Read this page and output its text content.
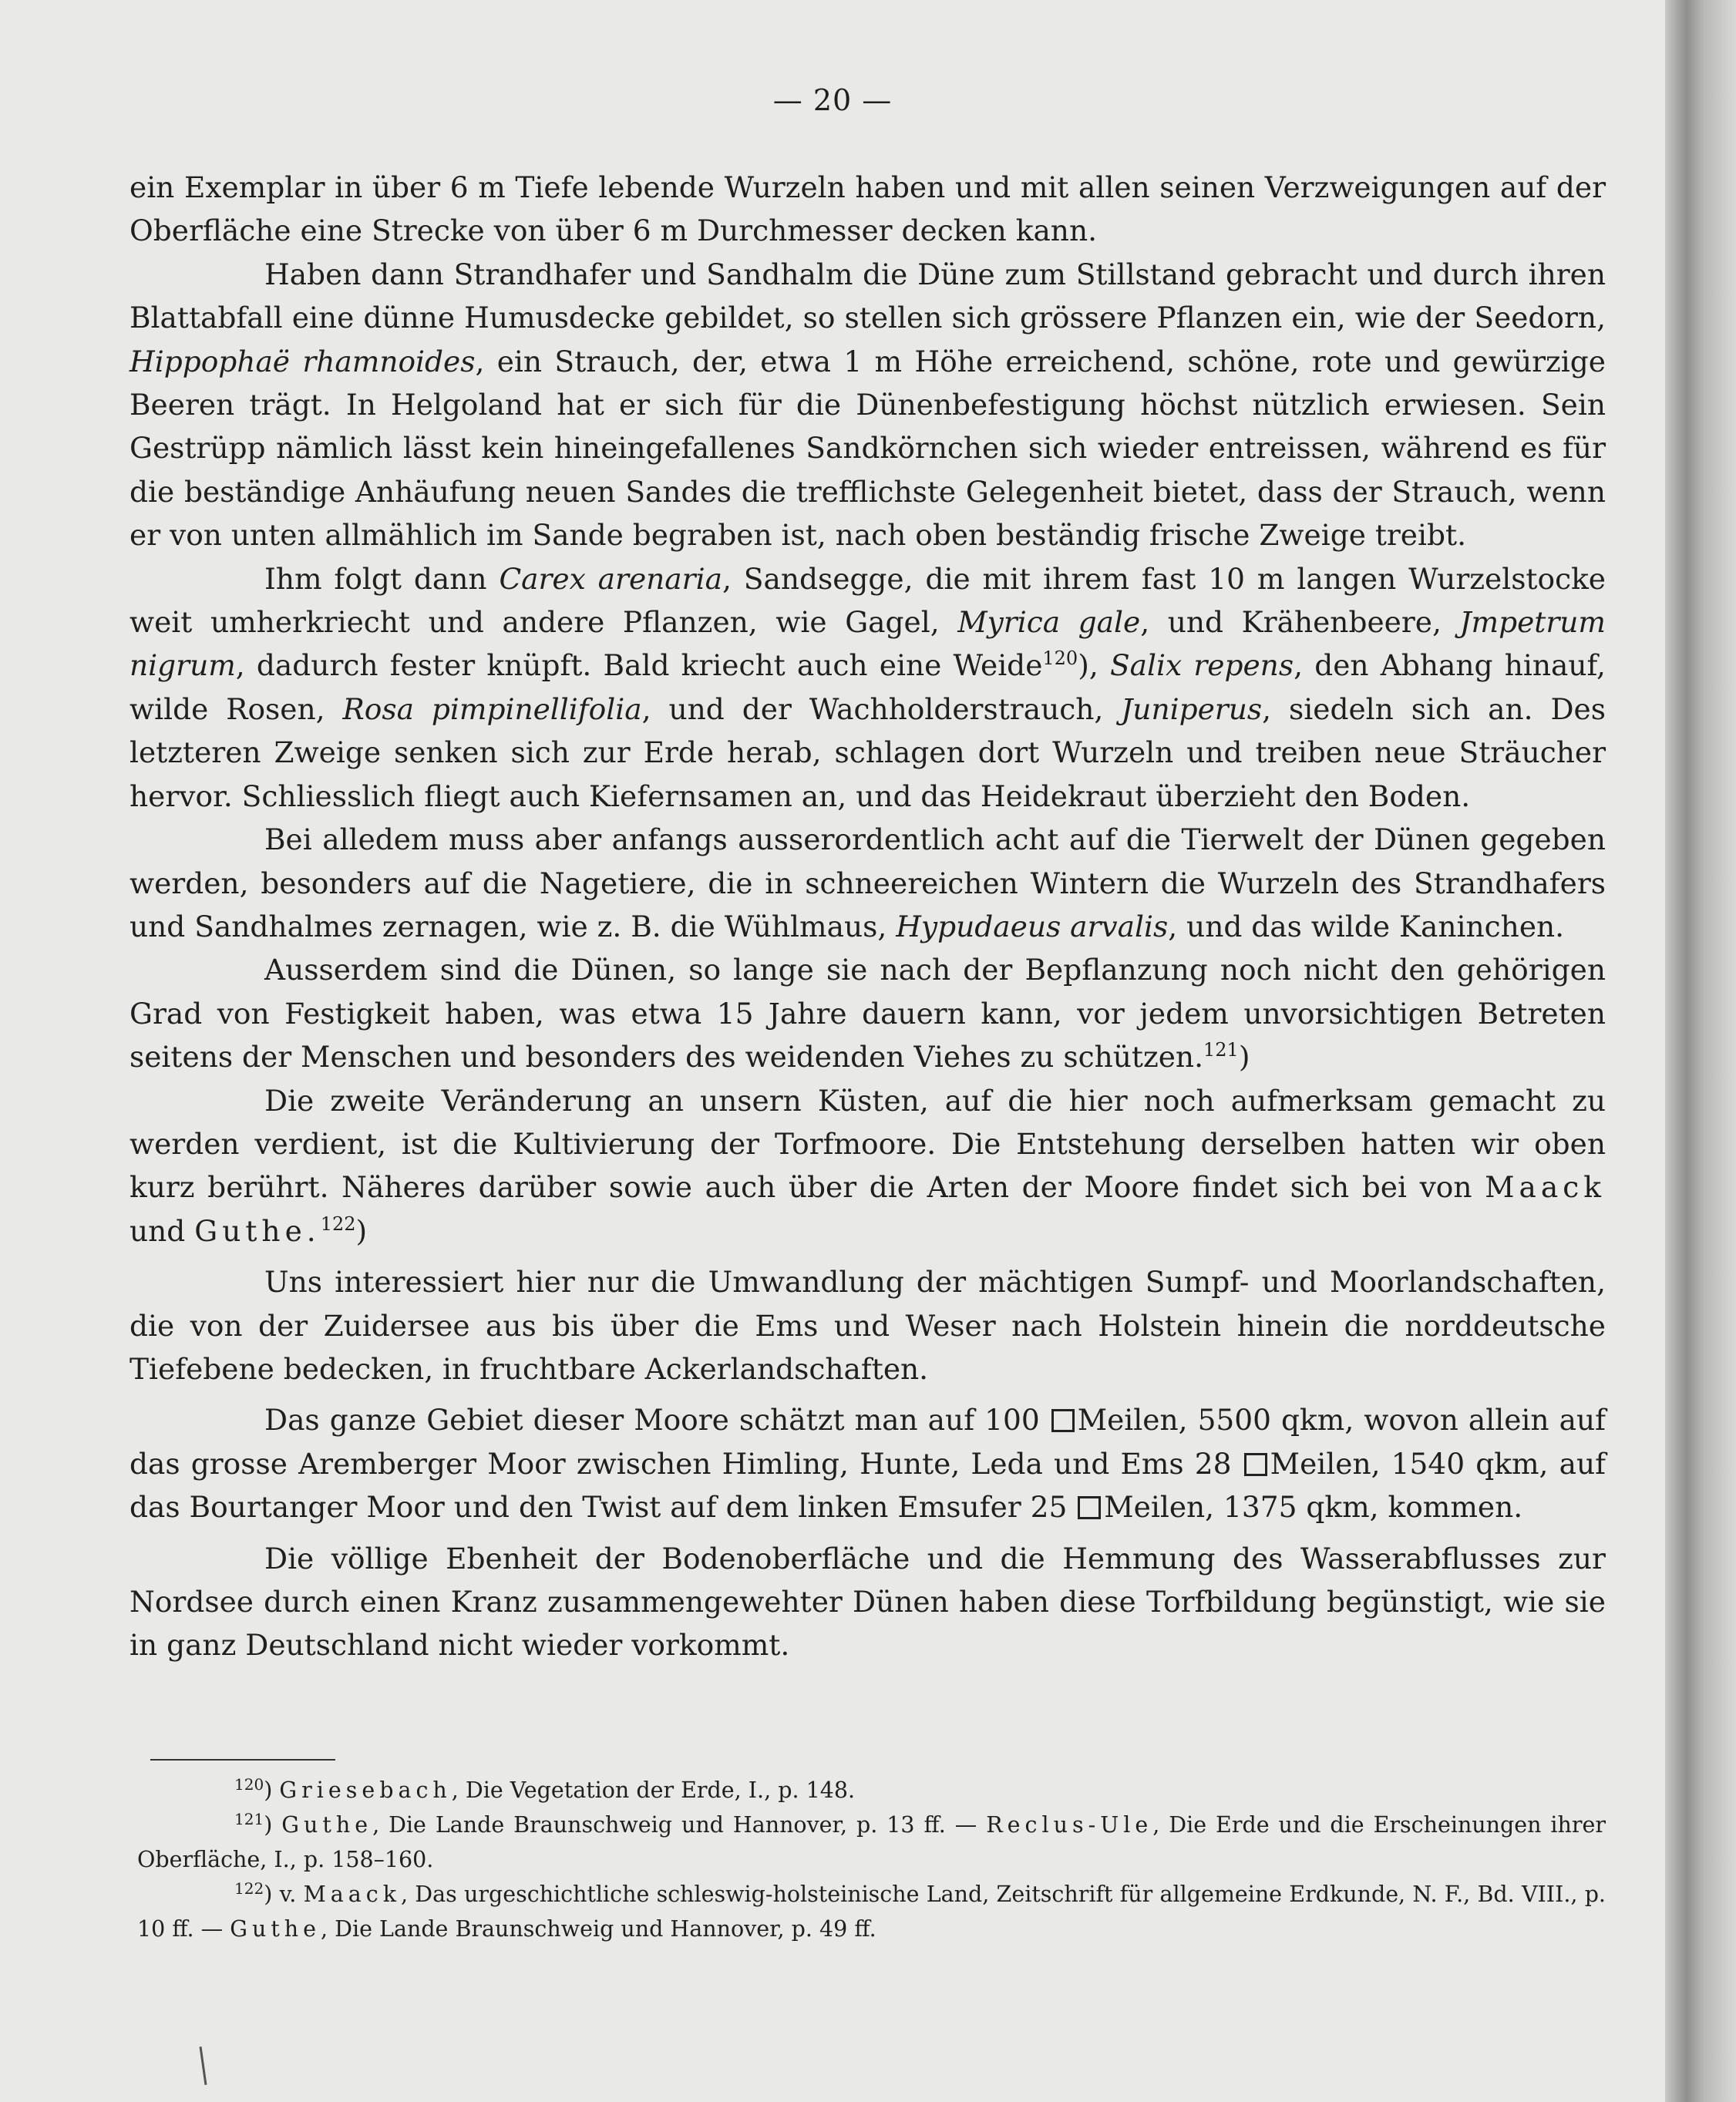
— 20 —

ein Exemplar in über 6 m Tiefe lebende Wurzeln haben und mit allen seinen Verzweigungen auf der Oberfläche eine Strecke von über 6 m Durchmesser decken kann.

Haben dann Strandhafer und Sandhalm die Düne zum Stillstand gebracht und durch ihren Blattabfall eine dünne Humusdecke gebildet, so stellen sich grössere Pflanzen ein, wie der Seedorn, Hippophaë rhamnoides, ein Strauch, der, etwa 1 m Höhe erreichend, schöne, rote und gewürzige Beeren trägt. In Helgoland hat er sich für die Dünenbefestigung höchst nützlich erwiesen. Sein Gestrüpp nämlich lässt kein hineingefallenes Sandkörnchen sich wieder entreissen, während es für die beständige Anhäufung neuen Sandes die trefflichste Gelegenheit bietet, dass der Strauch, wenn er von unten allmählich im Sande begraben ist, nach oben beständig frische Zweige treibt.

Ihm folgt dann Carex arenaria, Sandsegge, die mit ihrem fast 10 m langen Wurzelstocke weit umherkriecht und andere Pflanzen, wie Gagel, Myrica gale, und Krähenbeere, Jmpetrum nigrum, dadurch fester knüpft. Bald kriecht auch eine Weide$^{120}$), Salix repens, den Abhang hinauf, wilde Rosen, Rosa pimpinellifolia, und der Wachholderstrauch, Juniperus, siedeln sich an. Des letzteren Zweige senken sich zur Erde herab, schlagen dort Wurzeln und treiben neue Sträucher hervor. Schliesslich fliegt auch Kiefernsamen an, und das Heidekraut überzieht den Boden.

Bei alledem muss aber anfangs ausserordentlich acht auf die Tierwelt der Dünen gegeben werden, besonders auf die Nagetiere, die in schneereichen Wintern die Wurzeln des Strandhafers und Sandhalmes zernagen, wie z. B. die Wühlmaus, Hypudaeus arvalis, und das wilde Kaninchen.

Ausserdem sind die Dünen, so lange sie nach der Bepflanzung noch nicht den gehörigen Grad von Festigkeit haben, was etwa 15 Jahre dauern kann, vor jedem unvorsichtigen Betreten seitens der Menschen und besonders des weidenden Viehes zu schützen.$^{121}$)

Die zweite Veränderung an unsern Küsten, auf die hier noch aufmerksam gemacht zu werden verdient, ist die Kultivierung der Torfmoore. Die Entstehung derselben hatten wir oben kurz berührt. Näheres darüber sowie auch über die Arten der Moore findet sich bei von Maack und Guthe.$^{122}$)

Uns interessiert hier nur die Umwandlung der mächtigen Sumpf- und Moorlandschaften, die von der Zuidersee aus bis über die Ems und Weser nach Holstein hinein die norddeutsche Tiefebene bedecken, in fruchtbare Ackerlandschaften.

Das ganze Gebiet dieser Moore schätzt man auf 100 Meilen, 5500 qkm, wovon allein auf das grosse Aremberger Moor zwischen Himling, Hunte, Leda und Ems 28 Meilen, 1540 qkm, auf das Bourtanger Moor und den Twist auf dem linken Emsufer 25 Meilen, 1375 qkm, kommen.

Die völlige Ebenheit der Bodenoberfläche und die Hemmung des Wasserabflusses zur Nordsee durch einen Kranz zusammengewehter Dünen haben diese Torfbildung begünstigt, wie sie in ganz Deutschland nicht wieder vorkommt.

$^{120}$) Griesebach, Die Vegetation der Erde, I., p. 148.

$^{121}$) Guthe, Die Lande Braunschweig und Hannover, p. 13 ff. — Reclus-Ule, Die Erde und die Erscheinungen ihrer Oberfläche, I., p. 158–160.

$^{122}$) v. Maack, Das urgeschichtliche schleswig-holsteinische Land, Zeitschrift für allgemeine Erdkunde, N. F., Bd. VIII., p. 10 ff. — Guthe, Die Lande Braunschweig und Hannover, p. 49 ff.
